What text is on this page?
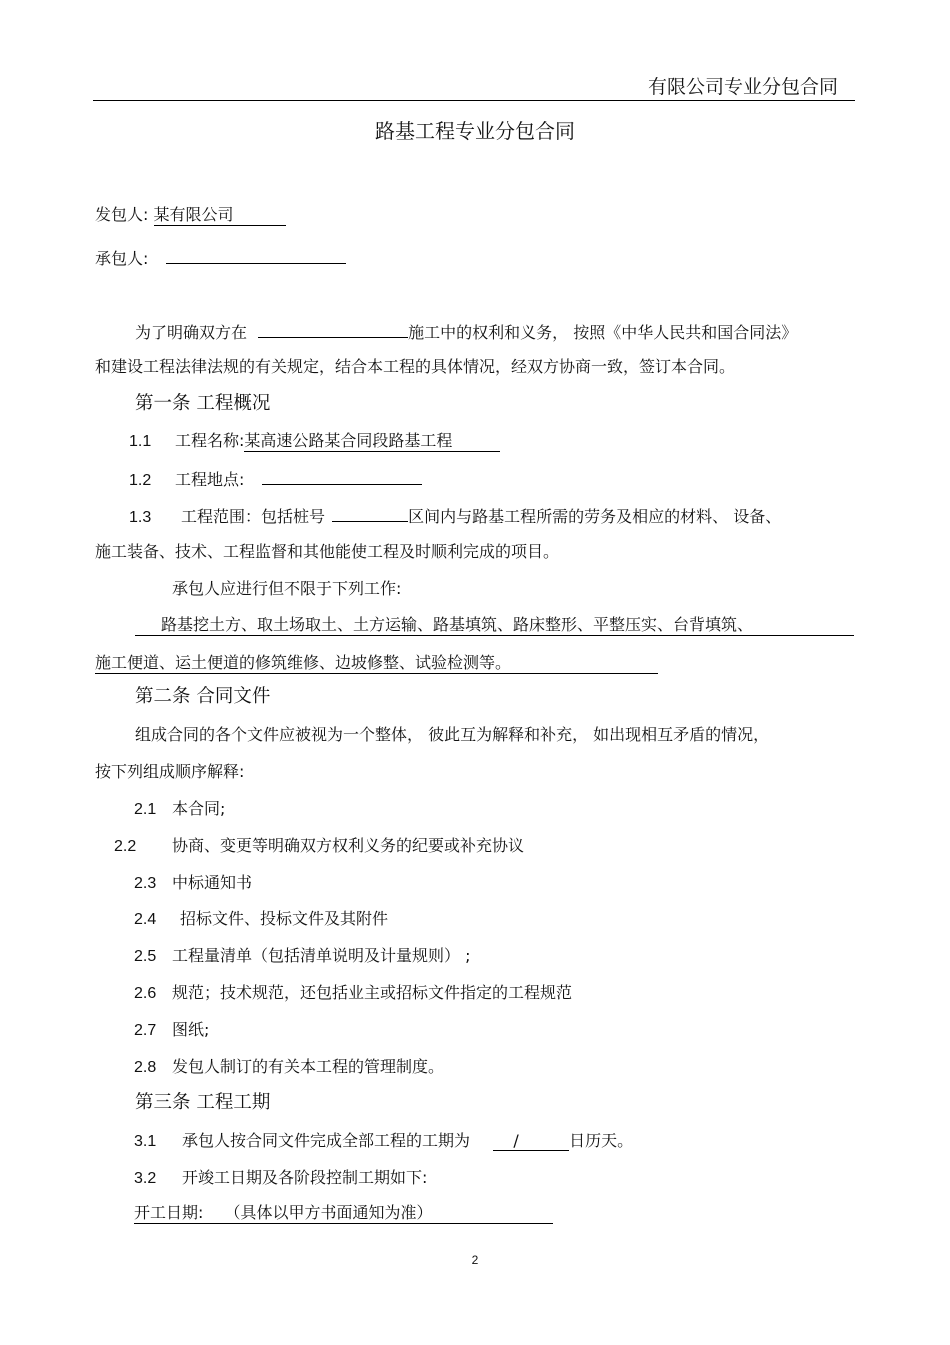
有限公司专业分包合同
路基工程专业分包合同
发包人: 某有限公司
承包人:
为了明确双方在	施工中的权利和义务， 按照《中华人民共和国合同法》
和建设工程法律法规的有关规定，结合本工程的具体情况，经双方协商一致，签订本合同。
第一条 工程概况
1.1 工程名称:某高速公路某合同段路基工程
1.2 工程地点:
1.3 工程范围：包括桩号	区间内与路基工程所需的劳务及相应的材料、 设备、
施工装备、技术、工程监督和其他能使工程及时顺利完成的项目。
承包人应进行但不限于下列工作:
路基挖土方、取土场取土、土方运输、路基填筑、路床整形、平整压实、台背填筑、
施工便道、运土便道的修筑维修、边坡修整、试验检测等。
第二条 合同文件
组成合同的各个文件应被视为一个整体， 彼此互为解释和补充， 如出现相互矛盾的情况，
按下列组成顺序解释:
2.1 本合同;
2.2 协商、变更等明确双方权利义务的纪要或补充协议
2.3 中标通知书
2.4 招标文件、投标文件及其附件
2.5 工程量清单（包括清单说明及计量规则） ;
2.6 规范；技术规范，还包括业主或招标文件指定的工程规范
2.7 图纸;
2.8 发包人制订的有关本工程的管理制度。
第三条 工程工期
3.1 承包人按合同文件完成全部工程的工期为	/	日历天。
3.2 开竣工日期及各阶段控制工期如下:
开工日期: （具体以甲方书面通知为准）
2
